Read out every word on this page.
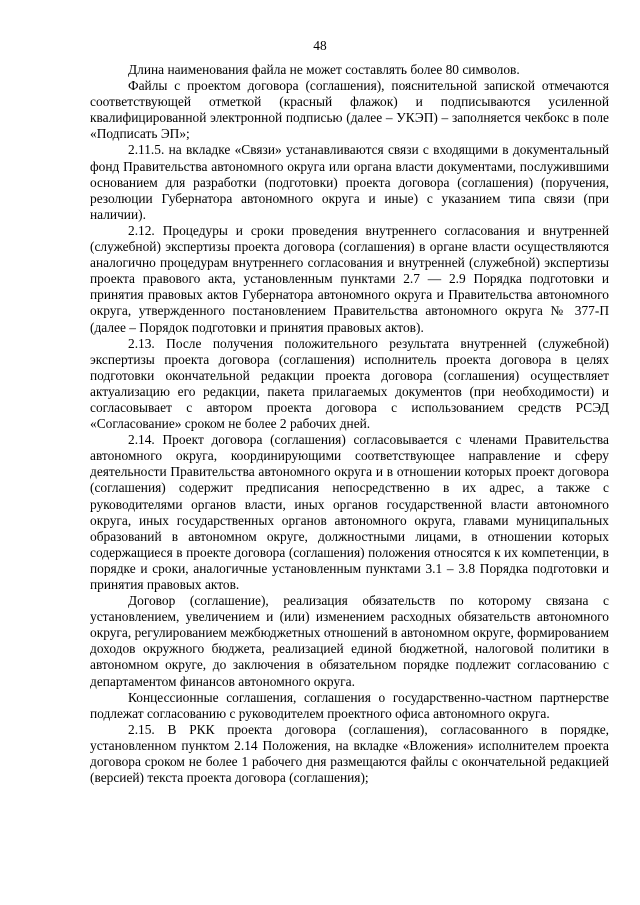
48

Длина наименования файла не может составлять более 80 символов.

Файлы с проектом договора (соглашения), пояснительной запиской отмечаются соответствующей отметкой (красный флажок) и подписываются усиленной квалифицированной электронной подписью (далее – УКЭП) – заполняется чекбокс в поле «Подписать ЭП»;

2.11.5. на вкладке «Связи» устанавливаются связи с входящими в документальный фонд Правительства автономного округа или органа власти документами, послужившими основанием для разработки (подготовки) проекта договора (соглашения) (поручения, резолюции Губернатора автономного округа и иные) с указанием типа связи (при наличии).

2.12. Процедуры и сроки проведения внутреннего согласования и внутренней (служебной) экспертизы проекта договора (соглашения) в органе власти осуществляются аналогично процедурам внутреннего согласования и внутренней (служебной) экспертизы проекта правового акта, установленным пунктами 2.7 — 2.9 Порядка подготовки и принятия правовых актов Губернатора автономного округа и Правительства автономного округа, утвержденного постановлением Правительства автономного округа № 377-П (далее – Порядок подготовки и принятия правовых актов).

2.13. После получения положительного результата внутренней (служебной) экспертизы проекта договора (соглашения) исполнитель проекта договора в целях подготовки окончательной редакции проекта договора (соглашения) осуществляет актуализацию его редакции, пакета прилагаемых документов (при необходимости) и согласовывает с автором проекта договора с использованием средств РСЭД «Согласование» сроком не более 2 рабочих дней.

2.14. Проект договора (соглашения) согласовывается с членами Правительства автономного округа, координирующими соответствующее направление и сферу деятельности Правительства автономного округа и в отношении которых проект договора (соглашения) содержит предписания непосредственно в их адрес, а также с руководителями органов власти, иных органов государственной власти автономного округа, иных государственных органов автономного округа, главами муниципальных образований в автономном округе, должностными лицами, в отношении которых содержащиеся в проекте договора (соглашения) положения относятся к их компетенции, в порядке и сроки, аналогичные установленным пунктами 3.1 – 3.8 Порядка подготовки и принятия правовых актов.

Договор (соглашение), реализация обязательств по которому связана с установлением, увеличением и (или) изменением расходных обязательств автономного округа, регулированием межбюджетных отношений в автономном округе, формированием доходов окружного бюджета, реализацией единой бюджетной, налоговой политики в автономном округе, до заключения в обязательном порядке подлежит согласованию с департаментом финансов автономного округа.

Концессионные соглашения, соглашения о государственно-частном партнерстве подлежат согласованию с руководителем проектного офиса автономного округа.

2.15. В РКК проекта договора (соглашения), согласованного в порядке, установленном пунктом 2.14 Положения, на вкладке «Вложения» исполнителем проекта договора сроком не более 1 рабочего дня размещаются файлы с окончательной редакцией (версией) текста проекта договора (соглашения);
